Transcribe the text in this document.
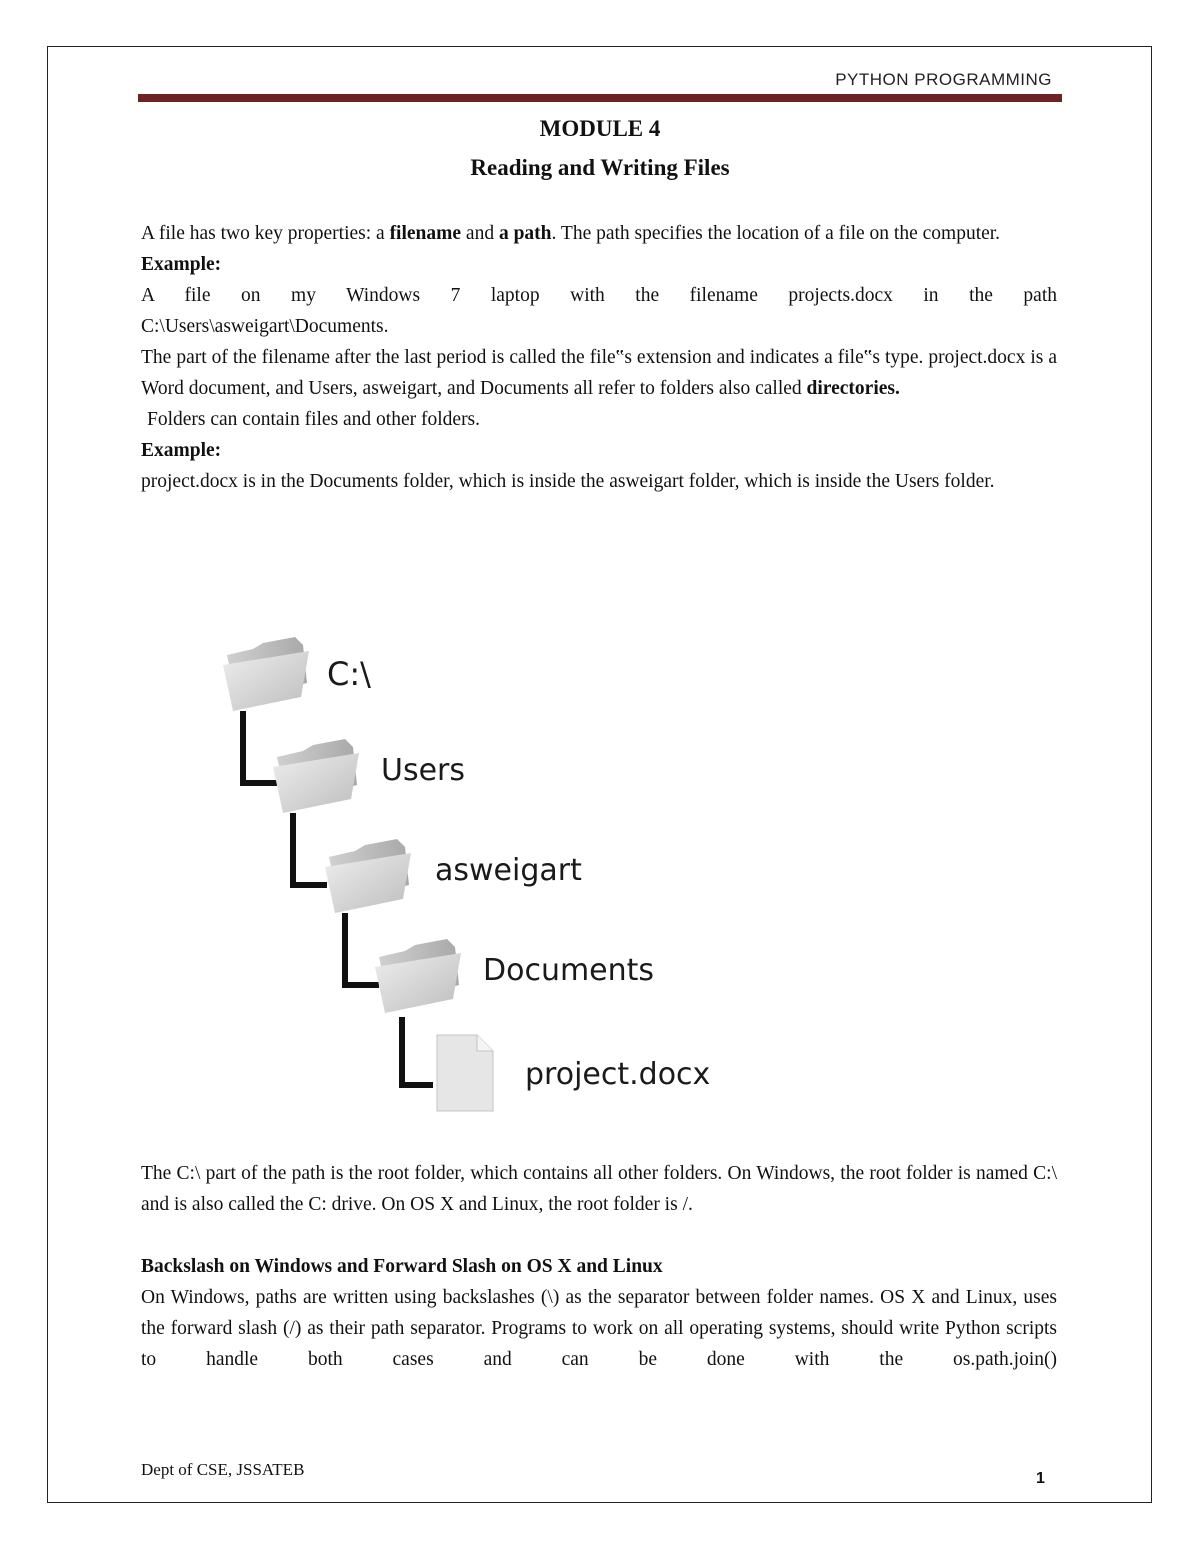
PYTHON PROGRAMMING
MODULE 4
Reading and Writing Files

A file has two key properties: a filename and a path. The path specifies the location of a file on the computer.

Example:

A file on my Windows 7 laptop with the filename projects.docx in the path

C:\Users\asweigart\Documents.

The part of the filename after the last period is called the file‟s extension and indicates a file‟s type. project.docx is a Word document, and Users, asweigart, and Documents all refer to folders also called directories.

Folders can contain files and other folders.

Example:

project.docx is in the Documents folder, which is inside the asweigart folder, which is inside the Users folder.

C:\
Users
asweigart
Documents
project.docx
The C:\ part of the path is the root folder, which contains all other folders. On Windows, the root folder is named C:\ and is also called the C: drive. On OS X and Linux, the root folder is /.

Backslash on Windows and Forward Slash on OS X and Linux

On Windows, paths are written using backslashes (\) as the separator between folder names. OS X and Linux, uses the forward slash (/) as their path separator. Programs to work on all operating systems, should write Python scripts to handle both cases and can be done with the os.path.join()

Dept of CSE, JSSATEB	1
